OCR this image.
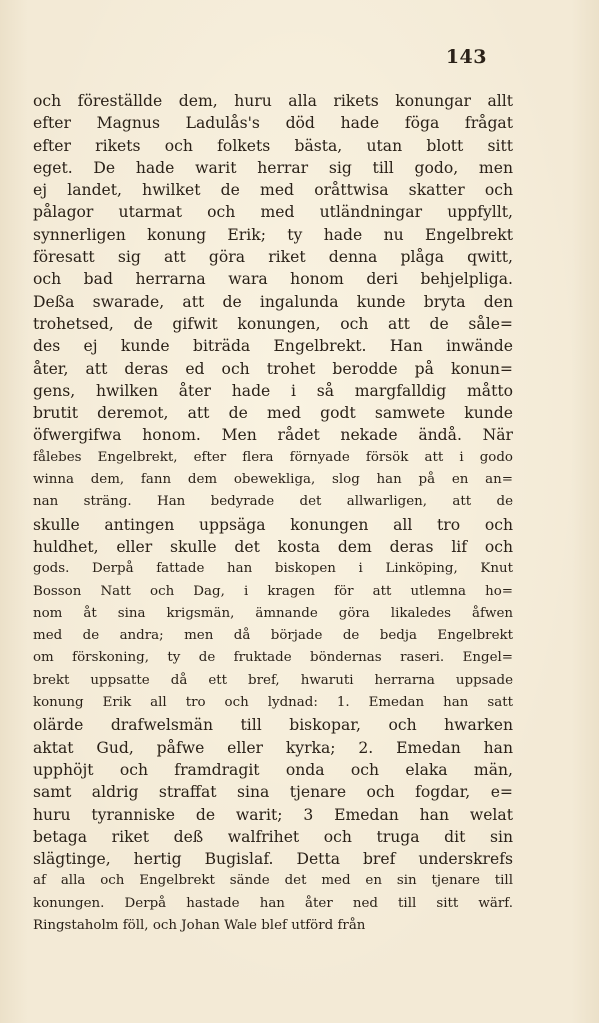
143
och föreställde dem, huru alla rikets konungar allt
efter Magnus Ladulås's död hade föga frågat
efter rikets och folkets bästa, utan blott sitt
eget. De hade warit herrar sig till godo, men
ej landet, hwilket de med oråttwisa skatter och
pålagor utarmat och med utländningar uppfyllt,
synnerligen konung Erik; ty hade nu Engelbrekt
föresatt sig att göra riket denna plåga qwitt,
och bad herrarna wara honom deri behjelpliga.
Deßa swarade, att de ingalunda kunde bryta den
trohetsed, de gifwit konungen, och att de såle=
des ej kunde biträda Engelbrekt. Han inwände
åter, att deras ed och trohet berodde på konun=
gens, hwilken åter hade i så margfalldig måtto
brutit deremot, att de med godt samwete kunde
öfwergifwa honom. Men rådet nekade ändå. När
fålebes Engelbrekt, efter flera förnyade försök att i godo
winna dem, fann dem obewekliga, slog han på en an=
nan sträng. Han bedyrade det allwarligen, att de
skulle antingen uppsäga konungen all tro och
huldhet, eller skulle det kosta dem deras lif och
gods. Derpå fattade han biskopen i Linköping, Knut
Bosson Natt och Dag, i kragen för att utlemna ho=
nom åt sina krigsmän, ämnande göra likaledes åfwen
med de andra; men då började de bedja Engelbrekt
om förskoning, ty de fruktade böndernas raseri. Engel=
brekt uppsatte då ett bref, hwaruti herrarna uppsade
konung Erik all tro och lydnad: 1. Emedan han satt
olärde drafwelsmän till biskopar, och hwarken
aktat Gud, påfwe eller kyrka; 2. Emedan han
upphöjt och framdragit onda och elaka män,
samt aldrig straffat sina tjenare och fogdar, e=
huru tyranniske de warit; 3 Emedan han welat
betaga riket deß walfrihet och truga dit sin
slägtinge, hertig Bugislaf. Detta bref underskrefs
af alla och Engelbrekt sände det med en sin tjenare till
konungen. Derpå hastade han åter ned till sitt wärf.
Ringstaholm föll, och Johan Wale blef utförd från
